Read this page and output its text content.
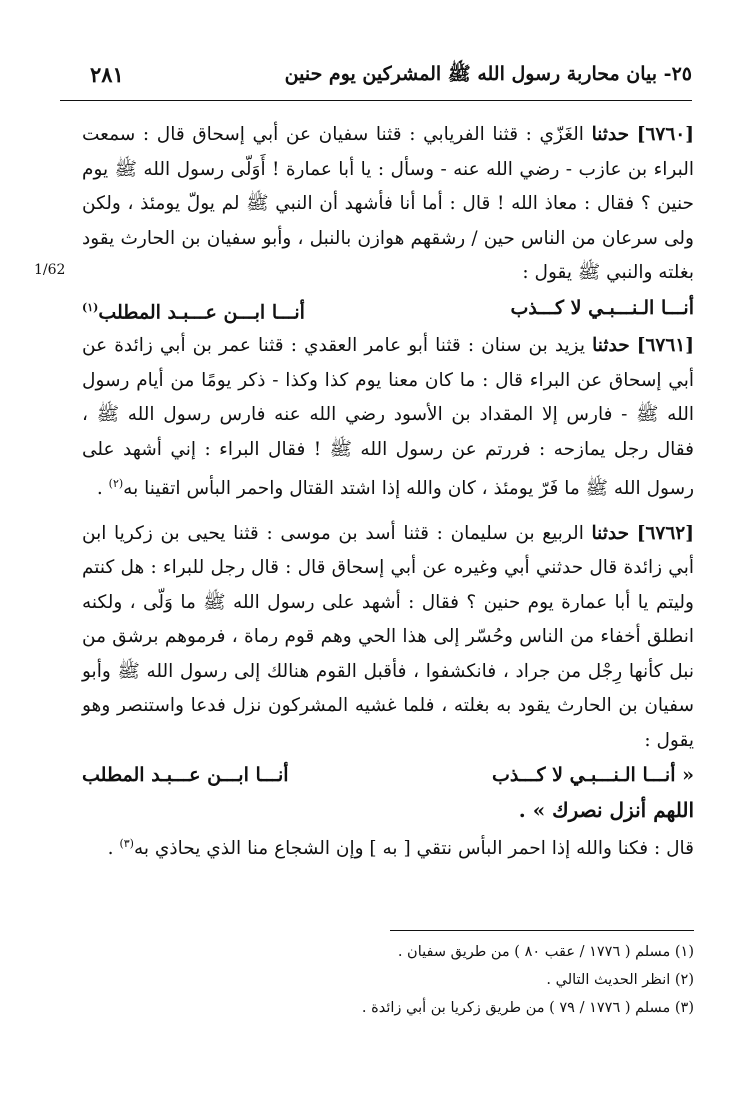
٢٥- بيان محاربة رسول الله ﷺ المشركين يوم حنين
٢٨١
1/62

[٦٧٦٠] حدثنا الغَزّي : قثنا الفريابي : قثنا سفيان عن أبي إسحاق قال : سمعت البراء بن عازب - رضي الله عنه - وسأل : يا أبا عمارة ! أَوَلّى رسول الله ﷺ يوم حنين ؟ فقال : معاذ الله ! قال : أما أنا فأشهد أن النبي ﷺ لم يولّ يومئذ ، ولكن ولى سرعان من الناس حين / رشقهم هوازن بالنبل ، وأبو سفيان بن الحارث يقود بغلته والنبي ﷺ يقول :

أنـــا الـنـــبـي لا كـــذب
أنـــا ابـــن عـــبـد المطلب$^{(١)}$

[٦٧٦١] حدثنا يزيد بن سنان : قثنا أبو عامر العقدي : قثنا عمر بن أبي زائدة عن أبي إسحاق عن البراء قال : ما كان معنا يوم كذا وكذا - ذكر يومًا من أيام رسول الله ﷺ - فارس إلا المقداد بن الأسود رضي الله عنه فارس رسول الله ﷺ ، فقال رجل يمازحه : فررتم عن رسول الله ﷺ ! فقال البراء : إني أشهد على رسول الله ﷺ ما فَرّ يومئذ ، كان والله إذا اشتد القتال واحمر البأس اتقينا به$^{(٢)}$ .

[٦٧٦٢] حدثنا الربيع بن سليمان : قثنا أسد بن موسى : قثنا يحيى بن زكريا ابن أبي زائدة قال حدثني أبي وغيره عن أبي إسحاق قال : قال رجل للبراء : هل كنتم وليتم يا أبا عمارة يوم حنين ؟ فقال : أشهد على رسول الله ﷺ ما وَلّى ، ولكنه انطلق أخفاء من الناس وحُسّر إلى هذا الحي وهم قوم رماة ، فرموهم برشق من نبل كأنها رِجْل من جراد ، فانكشفوا ، فأقبل القوم هنالك إلى رسول الله ﷺ وأبو سفيان بن الحارث يقود به بغلته ، فلما غشيه المشركون نزل فدعا واستنصر وهو يقول :

« أنـــا الـنـــبـي لا كـــذب
أنـــا ابـــن عـــبـد المطلب

اللهم أنزل نصرك » .

قال : فكنا والله إذا احمر البأس نتقي [ به ] وإن الشجاع منا الذي يحاذي به$^{(٣)}$ .

(١) مسلم ( ١٧٧٦ / عقب ٨٠ ) من طريق سفيان .
(٢) انظر الحديث التالي .
(٣) مسلم ( ١٧٧٦ / ٧٩ ) من طريق زكريا بن أبي زائدة .
